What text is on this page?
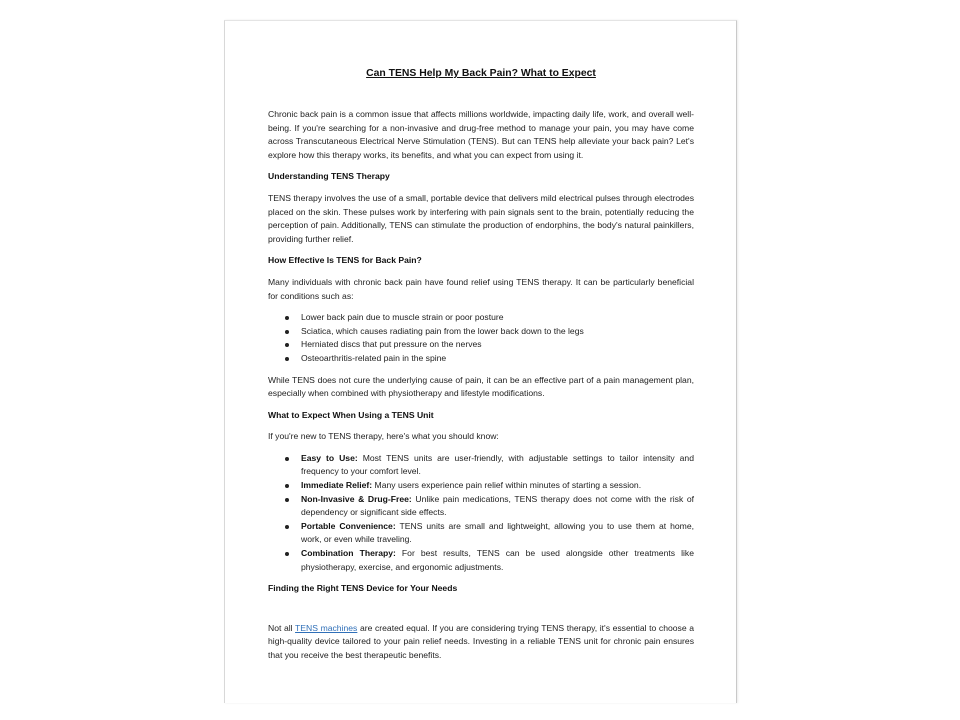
Can TENS Help My Back Pain? What to Expect

Chronic back pain is a common issue that affects millions worldwide, impacting daily life, work, and overall well-being. If you're searching for a non-invasive and drug-free method to manage your pain, you may have come across Transcutaneous Electrical Nerve Stimulation (TENS). But can TENS help alleviate your back pain? Let's explore how this therapy works, its benefits, and what you can expect from using it.

Understanding TENS Therapy

TENS therapy involves the use of a small, portable device that delivers mild electrical pulses through electrodes placed on the skin. These pulses work by interfering with pain signals sent to the brain, potentially reducing the perception of pain. Additionally, TENS can stimulate the production of endorphins, the body's natural painkillers, providing further relief.

How Effective Is TENS for Back Pain?

Many individuals with chronic back pain have found relief using TENS therapy. It can be particularly beneficial for conditions such as:

Lower back pain due to muscle strain or poor posture
Sciatica, which causes radiating pain from the lower back down to the legs
Herniated discs that put pressure on the nerves
Osteoarthritis-related pain in the spine

While TENS does not cure the underlying cause of pain, it can be an effective part of a pain management plan, especially when combined with physiotherapy and lifestyle modifications.

What to Expect When Using a TENS Unit

If you're new to TENS therapy, here's what you should know:

Easy to Use: Most TENS units are user-friendly, with adjustable settings to tailor intensity and frequency to your comfort level.
Immediate Relief: Many users experience pain relief within minutes of starting a session.
Non-Invasive & Drug-Free: Unlike pain medications, TENS therapy does not come with the risk of dependency or significant side effects.
Portable Convenience: TENS units are small and lightweight, allowing you to use them at home, work, or even while traveling.
Combination Therapy: For best results, TENS can be used alongside other treatments like physiotherapy, exercise, and ergonomic adjustments.
Finding the Right TENS Device for Your Needs

Not all TENS machines are created equal. If you are considering trying TENS therapy, it's essential to choose a high-quality device tailored to your pain relief needs. Investing in a reliable TENS unit for chronic pain ensures that you receive the best therapeutic benefits.
